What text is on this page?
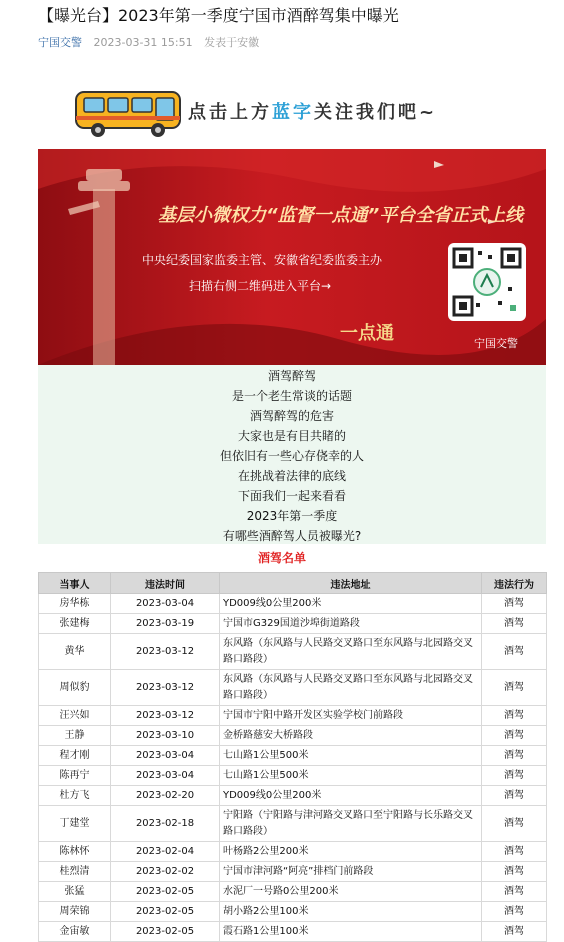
【曝光台】2023年第一季度宁国市酒醉驾集中曝光
宁国交警 2023-03-31 15:51 发表于安徽
点击上方蓝字关注我们吧~
基层小微权力“监督一点通”平台全省正式上线
中央纪委国家监委主管、安徽省纪委监委主办
扫描右侧二维码进入平台→
一点通	宁国交警
酒驾醉驾
是一个老生常谈的话题
酒驾醉驾的危害
大家也是有目共睹的
但依旧有一些心存侥幸的人
在挑战着法律的底线
下面我们一起来看看
2023年第一季度
有哪些酒醉驾人员被曝光?
酒驾名单
当事人	违法时间	违法地址	违法行为
房华栋	2023-03-04	YD009线0公里200米	酒驾
张建梅	2023-03-19	宁国市G329国道沙埠街道路段	酒驾
黄华	2023-03-12	东风路（东风路与人民路交叉路口至东风路与北园路交叉路口路段）	酒驾
周似豹	2023-03-12	东风路（东风路与人民路交叉路口至东风路与北园路交叉路口路段）	酒驾
汪兴如	2023-03-12	宁国市宁阳中路开发区实验学校门前路段	酒驾
王静	2023-03-10	金桥路慈安大桥路段	酒驾
程才刚	2023-03-04	七山路1公里500米	酒驾
陈再宁	2023-03-04	七山路1公里500米	酒驾
杜方飞	2023-02-20	YD009线0公里200米	酒驾
丁建堂	2023-02-18	宁阳路（宁阳路与津河路交叉路口至宁阳路与长乐路交叉路口路段）	酒驾
陈林怀	2023-02-04	叶杨路2公里200米	酒驾
桂烈清	2023-02-02	宁国市津河路“阿亮”排档门前路段	酒驾
张猛	2023-02-05	水泥厂一号路0公里200米	酒驾
周荣锦	2023-02-05	胡小路2公里100米	酒驾
金宙敏	2023-02-05	霞石路1公里100米	酒驾
